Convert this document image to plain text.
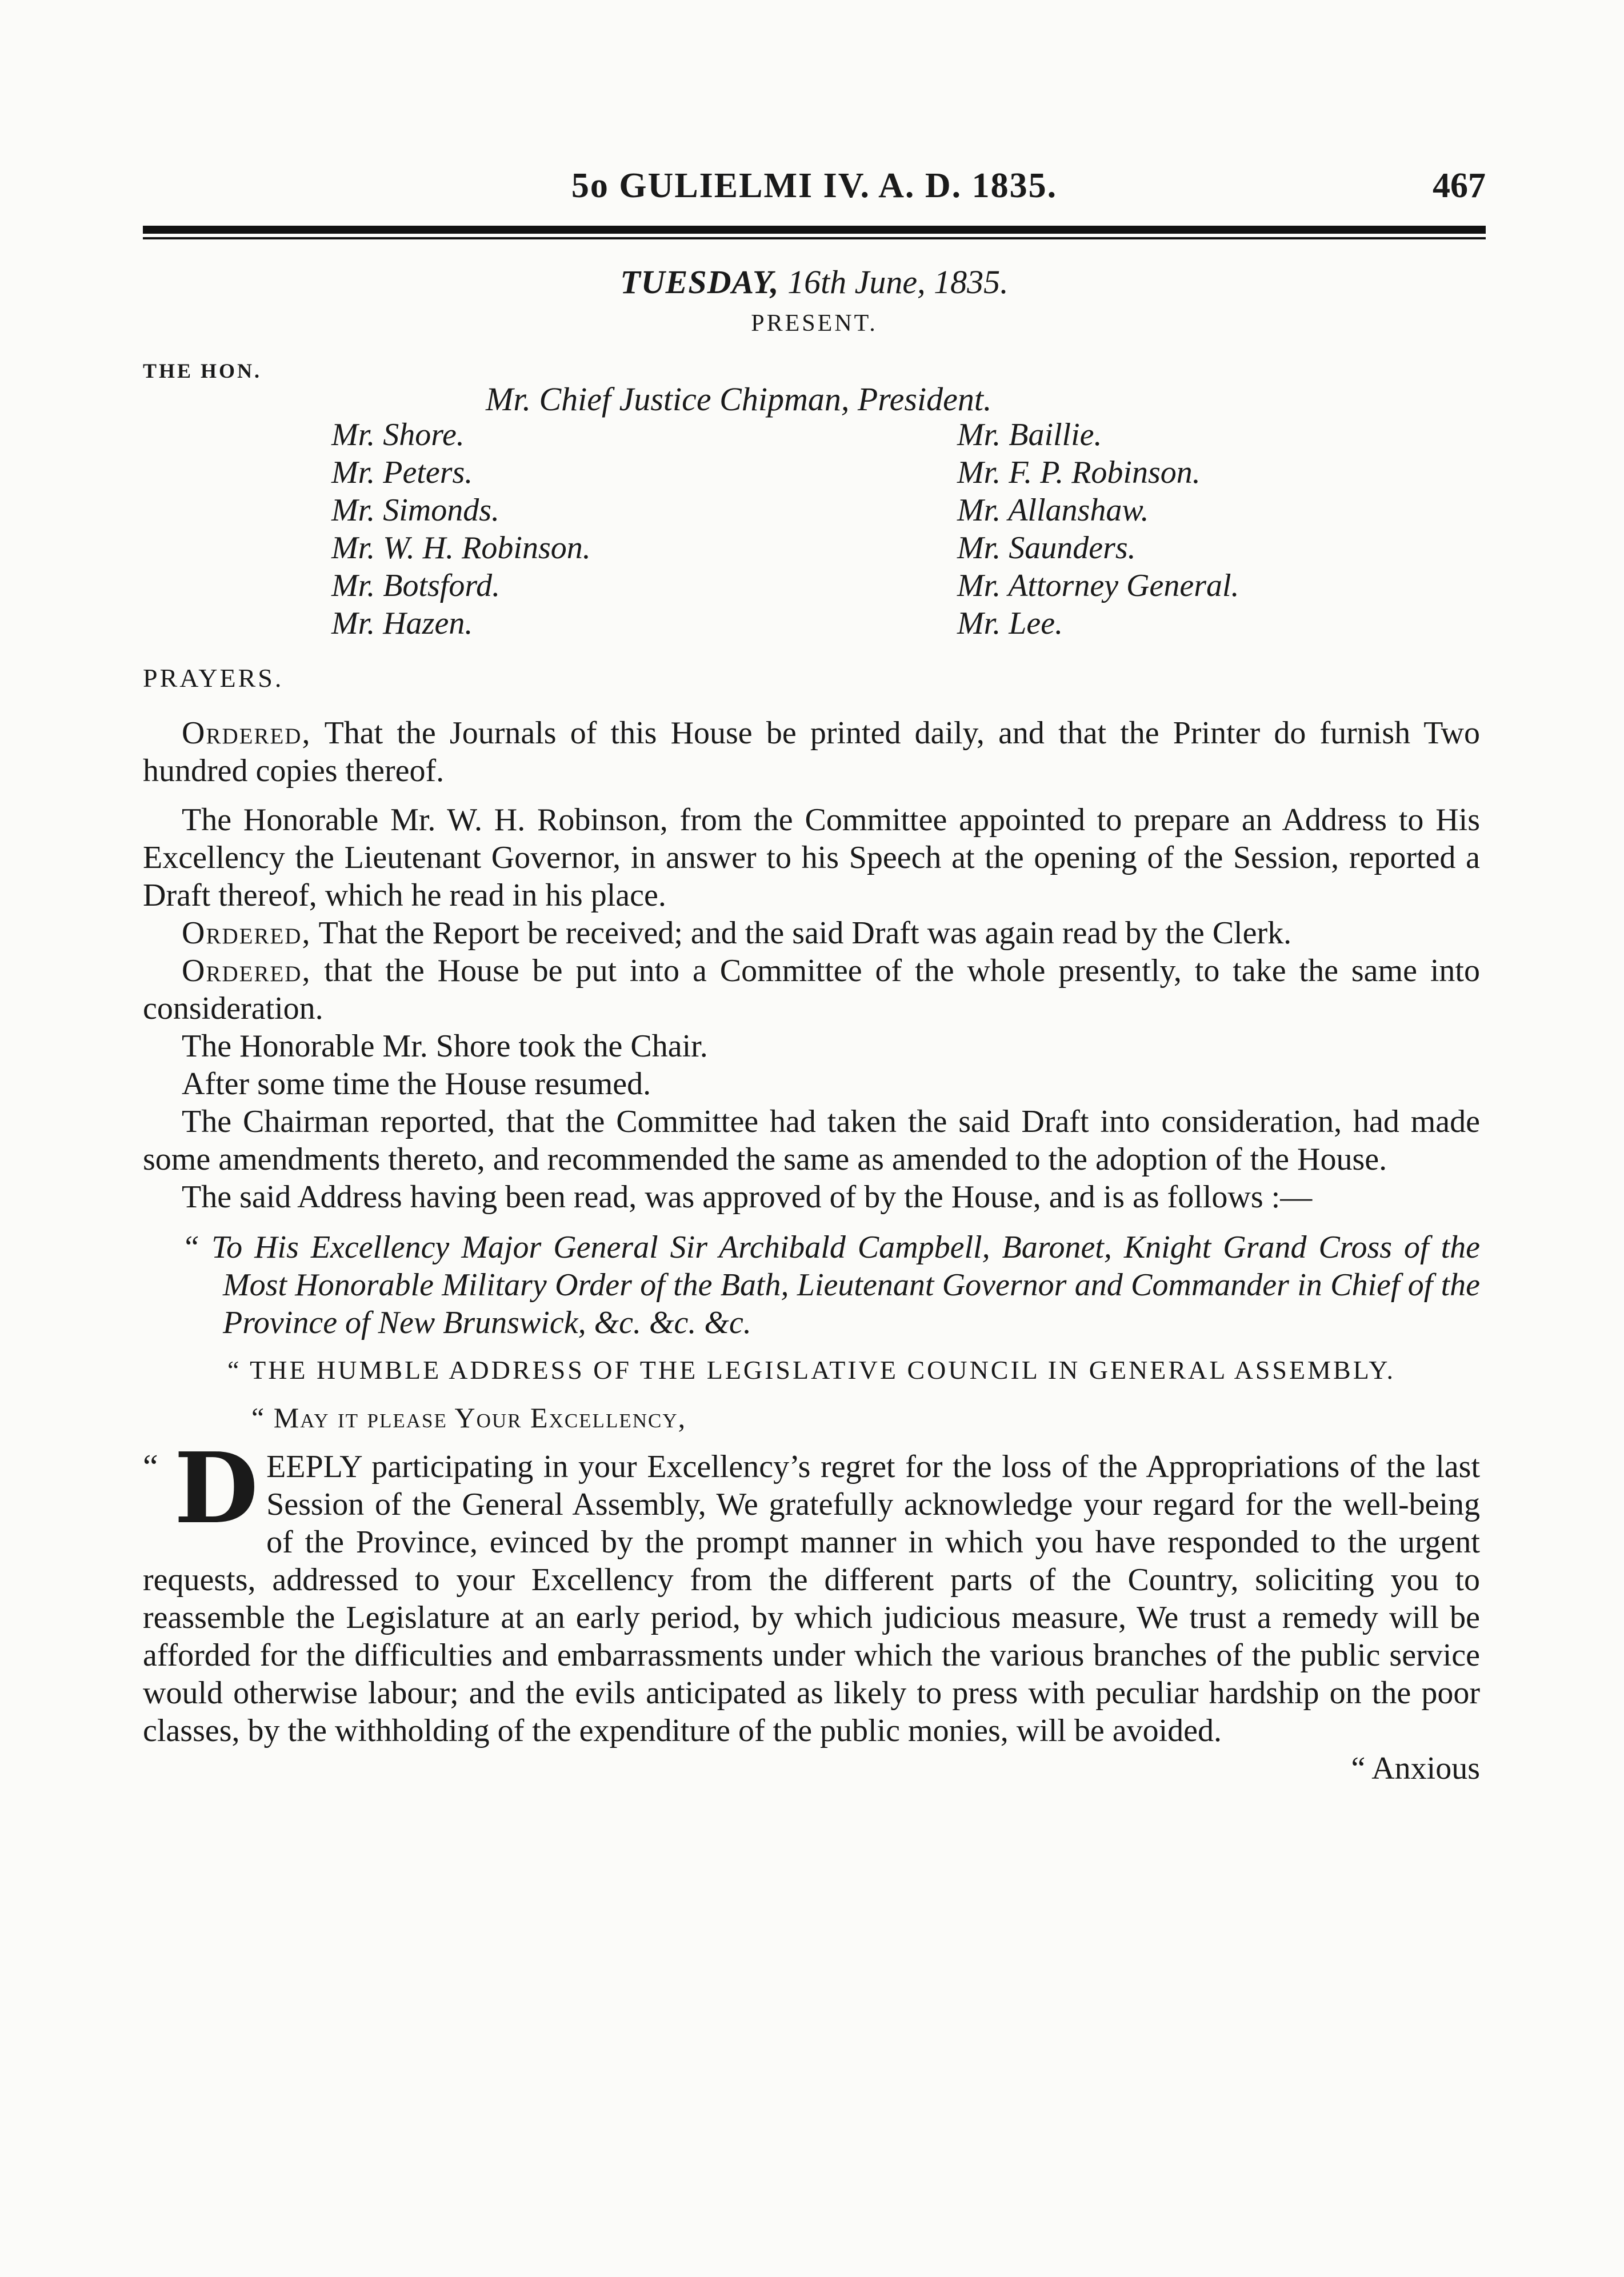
5o GULIELMI IV. A. D. 1835.	467
TUESDAY, 16th June, 1835.
PRESENT.
THE HON.
Mr. Chief Justice Chipman, President.
Mr. Shore.
Mr. Peters.
Mr. Simonds.
Mr. W. H. Robinson.
Mr. Botsford.
Mr. Hazen.
Mr. Baillie.
Mr. F. P. Robinson.
Mr. Allanshaw.
Mr. Saunders.
Mr. Attorney General.
Mr. Lee.
PRAYERS.

Ordered, That the Journals of this House be printed daily, and that the Printer do furnish Two hundred copies thereof.

The Honorable Mr. W. H. Robinson, from the Committee appointed to prepare an Address to His Excellency the Lieutenant Governor, in answer to his Speech at the opening of the Session, reported a Draft thereof, which he read in his place.

Ordered, That the Report be received; and the said Draft was again read by the Clerk.

Ordered, that the House be put into a Committee of the whole presently, to take the same into consideration.

The Honorable Mr. Shore took the Chair.

After some time the House resumed.

The Chairman reported, that the Committee had taken the said Draft into consideration, had made some amendments thereto, and recommended the same as amended to the adoption of the House.

The said Address having been read, was approved of by the House, and is as follows :—

“ To His Excellency Major General Sir Archibald Campbell, Baronet, Knight Grand Cross of the Most Honorable Military Order of the Bath, Lieutenant Governor and Commander in Chief of the Province of New Brunswick, &c. &c. &c.

“ THE HUMBLE ADDRESS OF THE LEGISLATIVE COUNCIL IN GENERAL ASSEMBLY.

“ May it please Your Excellency,

“ D EEPLY participating in your Excellency’s regret for the loss of the Appropriations of the last Session of the General Assembly, We gratefully acknowledge your regard for the well-being of the Province, evinced by the prompt manner in which you have responded to the urgent requests, addressed to your Excellency from the different parts of the Country, soliciting you to reassemble the Legislature at an early period, by which judicious measure, We trust a remedy will be afforded for the difficulties and embarrassments under which the various branches of the public service would otherwise labour; and the evils anticipated as likely to press with peculiar hardship on the poor classes, by the withholding of the expenditure of the public monies, will be avoided.

“ Anxious
